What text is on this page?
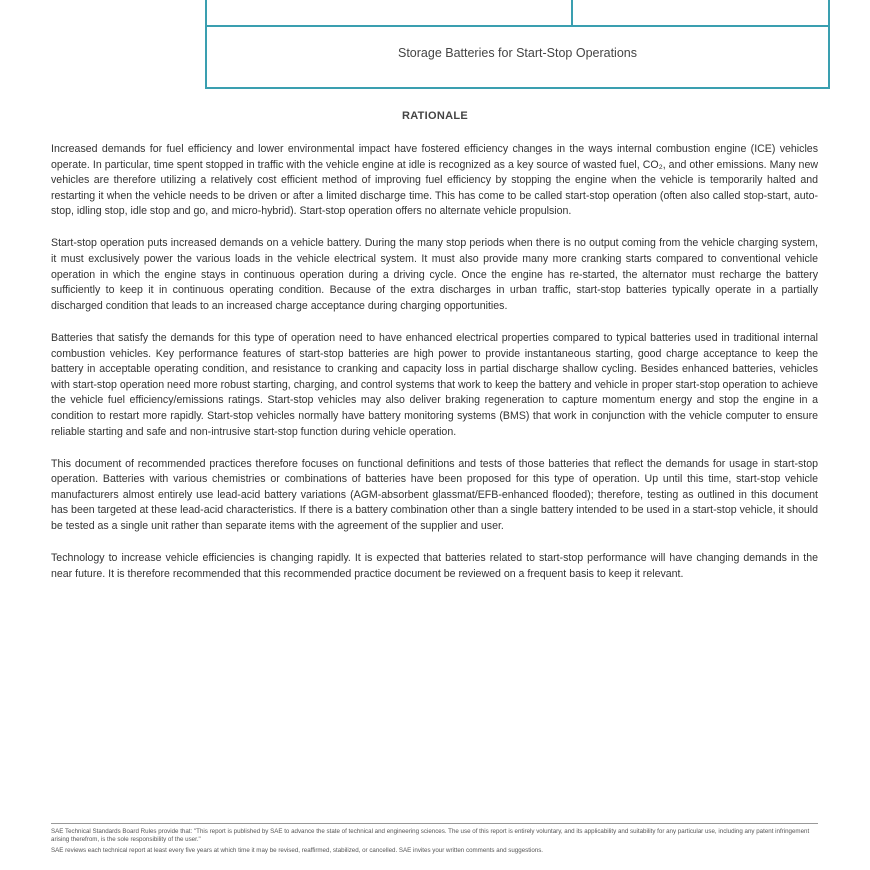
Storage Batteries for Start-Stop Operations
RATIONALE

Increased demands for fuel efficiency and lower environmental impact have fostered efficiency changes in the ways internal combustion engine (ICE) vehicles operate. In particular, time spent stopped in traffic with the vehicle engine at idle is recognized as a key source of wasted fuel, CO₂, and other emissions. Many new vehicles are therefore utilizing a relatively cost efficient method of improving fuel efficiency by stopping the engine when the vehicle is temporarily halted and restarting it when the vehicle needs to be driven or after a limited discharge time. This has come to be called start-stop operation (often also called stop-start, auto-stop, idling stop, idle stop and go, and micro-hybrid). Start-stop operation offers no alternate vehicle propulsion.

Start-stop operation puts increased demands on a vehicle battery. During the many stop periods when there is no output coming from the vehicle charging system, it must exclusively power the various loads in the vehicle electrical system. It must also provide many more cranking starts compared to conventional vehicle operation in which the engine stays in continuous operation during a driving cycle. Once the engine has re-started, the alternator must recharge the battery sufficiently to keep it in continuous operating condition. Because of the extra discharges in urban traffic, start-stop batteries typically operate in a partially discharged condition that leads to an increased charge acceptance during charging opportunities.

Batteries that satisfy the demands for this type of operation need to have enhanced electrical properties compared to typical batteries used in traditional internal combustion vehicles. Key performance features of start-stop batteries are high power to provide instantaneous starting, good charge acceptance to keep the battery in acceptable operating condition, and resistance to cranking and capacity loss in partial discharge shallow cycling. Besides enhanced batteries, vehicles with start-stop operation need more robust starting, charging, and control systems that work to keep the battery and vehicle in proper start-stop operation to achieve the vehicle fuel efficiency/emissions ratings. Start-stop vehicles may also deliver braking regeneration to capture momentum energy and stop the engine in a condition to restart more rapidly. Start-stop vehicles normally have battery monitoring systems (BMS) that work in conjunction with the vehicle computer to ensure reliable starting and safe and non-intrusive start-stop function during vehicle operation.

This document of recommended practices therefore focuses on functional definitions and tests of those batteries that reflect the demands for usage in start-stop operation. Batteries with various chemistries or combinations of batteries have been proposed for this type of operation. Up until this time, start-stop vehicle manufacturers almost entirely use lead-acid battery variations (AGM-absorbent glassmat/EFB-enhanced flooded); therefore, testing as outlined in this document has been targeted at these lead-acid characteristics. If there is a battery combination other than a single battery intended to be used in a start-stop vehicle, it should be tested as a single unit rather than separate items with the agreement of the supplier and user.

Technology to increase vehicle efficiencies is changing rapidly. It is expected that batteries related to start-stop performance will have changing demands in the near future. It is therefore recommended that this recommended practice document be reviewed on a frequent basis to keep it relevant.

SAE Technical Standards Board Rules provide that: "This report is published by SAE to advance the state of technical and engineering sciences. The use of this report is entirely voluntary, and its applicability and suitability for any particular use, including any patent infringement arising therefrom, is the sole responsibility of the user."

SAE reviews each technical report at least every five years at which time it may be revised, reaffirmed, stabilized, or cancelled. SAE invites your written comments and suggestions.
